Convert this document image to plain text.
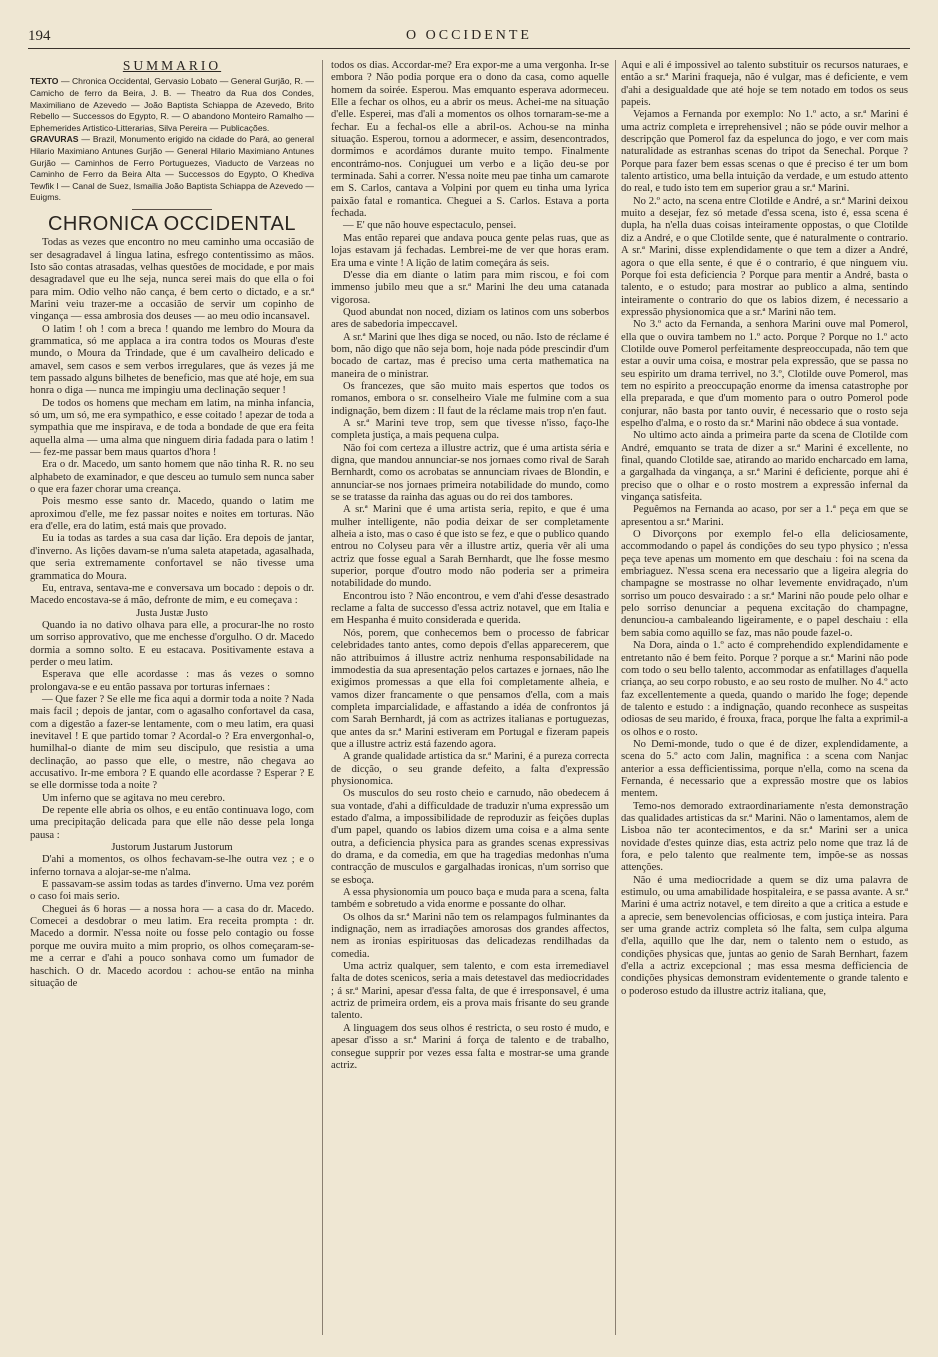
194	O OCCIDENTE
SUMMARIO

TEXTO — Chronica Occidental, Gervasio Lobato — General Gurjão, R. — Camicho de ferro da Beira, J. B. — Theatro da Rua dos Condes, Maximiliano de Azevedo — João Baptista Schiappa de Azevedo, Brito Rebello — Successos do Egypto, R. — O abandono Monteiro Ramalho — Ephemerides Artistico-Litterarias, Silva Pereira — Publicações.

GRAVURAS — Brazil, Monumento erigido na cidade do Pará, ao general Hilario Maximiano Antunes Gurjão — General Hilario Maximiano Antunes Gurjão — Caminhos de Ferro Portuguezes, Viaducto de Varzeas no Caminho de Ferro da Beira Alta — Successos do Egypto, O Khediva Tewfik I — Canal de Suez, Ismailia João Baptista Schiappa de Azevedo — Euigms.

CHRONICA OCCIDENTAL

Todas as vezes que encontro no meu caminho uma occasião de ser desagradavel á lingua latina, esfrego contentissimo as mãos. Isto são contas atrasadas, velhas questões de mocidade, e por mais desagradavel que eu lhe seja, nunca serei mais do que ella o foi para mim. Odio velho não cança, é bem certo o dictado, e a sr.ª Marini veiu trazer-me a occasião de servir um copinho de vingança — essa ambrosia dos deuses — ao meu odio incansavel.

O latim ! oh ! com a breca ! quando me lembro do Moura da grammatica, só me applaca a ira contra todos os Mouras d'este mundo, o Moura da Trindade, que é um cavalheiro delicado e amavel, sem casos e sem verbos irregulares, que ás vezes já me tem passado alguns bilhetes de beneficio, mas que até hoje, em sua honra o diga — nunca me impingiu uma declinação sequer !

De todos os homens que mecham em latim, na minha infancia, só um, um só, me era sympathico, e esse coitado ! apezar de toda a sympathia que me inspirava, e de toda a bondade de que era feita aquella alma — uma alma que ninguem diria fadada para o latim ! — fez-me passar bem maus quartos d'hora !

Era o dr. Macedo, um santo homem que não tinha R. R. no seu alphabeto de examinador, e que desceu ao tumulo sem nunca saber o que era fazer chorar uma creança.

Pois mesmo esse santo dr. Macedo, quando o latim me aproximou d'elle, me fez passar noites e noites em torturas. Não era d'elle, era do latim, está mais que provado.

Eu ia todas as tardes a sua casa dar lição. Era depois de jantar, d'inverno. As lições davam-se n'uma saleta atapetada, agasalhada, que seria extremamente confortavel se não tivesse uma grammatica do Moura.

Eu, entrava, sentava-me e conversava um bocado : depois o dr. Macedo encostava-se á mão, defronte de mim, e eu começava :

Justa Justæ Justo

Quando ia no dativo olhava para elle, a procurar-lhe no rosto um sorriso approvativo, que me enchesse d'orgulho. O dr. Macedo dormia a somno solto. E eu estacava. Positivamente estava a perder o meu latim.

Esperava que elle acordasse : mas ás vezes o somno prolongava-se e eu então passava por torturas infernaes :

— Que fazer ? Se elle me fica aqui a dormir toda a noite ? Nada mais facil ; depois de jantar, com o agasalho confortavel da casa, com a digestão a fazer-se lentamente, com o meu latim, era quasi inevitavel ! E que partido tomar ? Acordal-o ? Era envergonhal-o, humilhal-o diante de mim seu discipulo, que resistia a uma declinação, ao passo que elle, o mestre, não chegava ao accusativo. Ir-me embora ? E quando elle acordasse ? Esperar ? E se elle dormisse toda a noite ?

Um inferno que se agitava no meu cerebro.

De repente elle abria os olhos, e eu então continuava logo, com uma precipitação delicada para que elle não desse pela longa pausa :

Justorum Justarum Justorum

D'ahi a momentos, os olhos fechavam-se-lhe outra vez ; e o inferno tornava a alojar-se-me n'alma.

E passavam-se assim todas as tardes d'inverno. Uma vez porém o caso foi mais serio.

Cheguei ás 6 horas — a nossa hora — a casa do dr. Macedo. Comecei a desdobrar o meu latim. Era receita prompta : dr. Macedo a dormir. N'essa noite ou fosse pelo contagio ou fosse porque me ouvira muito a mim proprio, os olhos começaram-se-me a cerrar e d'ahi a pouco sonhava como um fumador de haschich. O dr. Macedo acordou : achou-se então na minha situação de

todos os dias. Accordar-me? Era expor-me a uma vergonha. Ir-se embora ? Não podia porque era o dono da casa, como aquelle homem da soirée. Esperou. Mas emquanto esperava adormeceu. Elle a fechar os olhos, eu a abrir os meus. Achei-me na situação d'elle. Esperei, mas d'ali a momentos os olhos tornaram-se-me a fechar. Eu a fechal-os elle a abril-os. Achou-se na minha situação. Esperou, tornou a adormecer, e assim, desencontrados, dormimos e acordámos durante muito tempo. Finalmente encontrámo-nos. Conjuguei um verbo e a lição deu-se por terminada. Sahi a correr. N'essa noite meu pae tinha um camarote em S. Carlos, cantava a Volpini por quem eu tinha uma lyrica paixão fatal e romantica. Cheguei a S. Carlos. Estava a porta fechada.

— E' que não houve espectaculo, pensei.

Mas então reparei que andava pouca gente pelas ruas, que as lojas estavam já fechadas. Lembrei-me de ver que horas eram. Era uma e vinte ! A lição de latim começára ás seis.

D'esse dia em diante o latim para mim riscou, e foi com immenso jubilo meu que a sr.ª Marini lhe deu uma catanada vigorosa.

Quod abundat non noced, diziam os latinos com uns soberbos ares de sabedoria impeccavel.

A sr.ª Marini que lhes diga se noced, ou não. Isto de réclame é bom, não digo que não seja bom, hoje nada póde prescindir d'um bocado de cartaz, mas é preciso uma certa mathematica na maneira de o ministrar.

Os francezes, que são muito mais espertos que todos os romanos, embora o sr. conselheiro Viale me fulmine com a sua indignação, bem dizem : Il faut de la réclame mais trop n'en faut.

A sr.ª Marini teve trop, sem que tivesse n'isso, faço-lhe completa justiça, a mais pequena culpa.

Não foi com certeza a illustre actriz, que é uma artista séria e digna, que mandou annunciar-se nos jornaes como rival de Sarah Bernhardt, como os acrobatas se annunciam rivaes de Blondin, e annunciar-se nos jornaes primeira notabilidade do mundo, como se se tratasse da rainha das aguas ou do rei dos tambores.

A sr.ª Marini que é uma artista seria, repito, e que é uma mulher intelligente, não podia deixar de ser completamente alheia a isto, mas o caso é que isto se fez, e que o publico quando entrou no Colyseu para vêr a illustre artiz, queria vêr ali uma actriz que fosse egual a Sarah Bernhardt, que lhe fosse mesmo superior, porque d'outro modo não poderia ser a primeira notabilidade do mundo.

Encontrou isto ? Não encontrou, e vem d'ahi d'esse desastrado reclame a falta de successo d'essa actriz notavel, que em Italia e em Hespanha é muito considerada e querida.

Nós, porem, que conhecemos bem o processo de fabricar celebridades tanto antes, como depois d'ellas apparecerem, que não attribuimos á illustre actriz nenhuma responsabilidade na immodestia da sua apresentação pelos cartazes e jornaes, não lhe exigimos promessas a que ella foi completamente alheia, e vamos dizer francamente o que pensamos d'ella, com a mais completa imparcialidade, e affastando a idéa de confrontos já com Sarah Bernhardt, já com as actrizes italianas e portuguezas, que antes da sr.ª Marini estiveram em Portugal e fizeram papeis que a illustre actriz está fazendo agora.

A grande qualidade artistica da sr.ª Marini, é a pureza correcta de dicção, o seu grande defeito, a falta d'expressão physionomica.

Os musculos do seu rosto cheio e carnudo, não obedecem á sua vontade, d'ahi a difficuldade de traduzir n'uma expressão um estado d'alma, a impossibilidade de reproduzir as feições duplas d'um papel, quando os labios dizem uma coisa e a alma sente outra, a deficiencia physica para as grandes scenas expressivas do drama, e da comedia, em que ha tragedias medonhas n'uma contracção de musculos e gargalhadas ironicas, n'um sorriso que se esboça.

A essa physionomia um pouco baça e muda para a scena, falta também e sobretudo a vida enorme e possante do olhar.

Os olhos da sr.ª Marini não tem os relampagos fulminantes da indignação, nem as irradiações amorosas dos grandes affectos, nem as ironias espirituosas das delicadezas rendilhadas da comedia.

Uma actriz qualquer, sem talento, e com esta irremediavel falta de dotes scenicos, seria a mais detestavel das mediocridades ; á sr.ª Marini, apesar d'essa falta, de que é irresponsavel, é uma actriz de primeira ordem, eis a prova mais frisante do seu grande talento.

A linguagem dos seus olhos é restricta, o seu rosto é mudo, e apesar d'isso a sr.ª Marini á força de talento e de trabalho, consegue supprir por vezes essa falta e mostrar-se uma grande actriz.

Aqui e ali é impossivel ao talento substituir os recursos naturaes, e então a sr.ª Marini fraqueja, não é vulgar, mas é deficiente, e vem d'ahi a desigualdade que até hoje se tem notado em todos os seus papeis.

Vejamos a Fernanda por exemplo: No 1.º acto, a sr.ª Marini é uma actriz completa e irreprehensivel ; não se póde ouvir melhor a descripção que Pomerol faz da espelunca do jogo, e ver com mais naturalidade as estranhas scenas do tripot da Senechal. Porque ? Porque para fazer bem essas scenas o que é preciso é ter um bom talento artistico, uma bella intuição da verdade, e um estudo attento do real, e tudo isto tem em superior grau a sr.ª Marini.

No 2.º acto, na scena entre Clotilde e André, a sr.ª Marini deixou muito a desejar, fez só metade d'essa scena, isto é, essa scena é dupla, ha n'ella duas coisas inteiramente oppostas, o que Clotilde diz a André, e o que Clotilde sente, que é naturalmente o contrario. A sr.ª Marini, disse explendidamente o que tem a dizer a André, agora o que ella sente, é que é o contrario, é que ninguem viu. Porque foi esta deficiencia ? Porque para mentir a André, basta o talento, e o estudo; para mostrar ao publico a alma, sentindo inteiramente o contrario do que os labios dizem, é necessario a expressão physionomica que a sr.ª Marini não tem.

No 3.º acto da Fernanda, a senhora Marini ouve mal Pomerol, ella que o ouvira tambem no 1.º acto. Porque ? Porque no 1.º acto Clotilde ouve Pomerol perfeitamente despreoccupada, não tem que estar a ouvir uma coisa, e mostrar pela expressão, que se passa no seu espirito um drama terrivel, no 3.º, Clotilde ouve Pomerol, mas tem no espirito a preoccupação enorme da imensa catastrophe por ella preparada, e que d'um momento para o outro Pomerol pode conjurar, não basta por tanto ouvir, é necessario que o rosto seja espelho d'alma, e o rosto da sr.ª Marini não obdece á sua vontade.

No ultimo acto ainda a primeira parte da scena de Clotilde com André, emquanto se trata de dizer a sr.ª Marini é excellente, no final, quando Clotilde sae, atirando ao marido encharcado em lama, a gargalhada da vingança, a sr.ª Marini é deficiente, porque ahi é preciso que o olhar e o rosto mostrem a expressão infernal da vingança satisfeita.

Peguêmos na Fernanda ao acaso, por ser a 1.ª peça em que se apresentou a sr.ª Marini.

O Divorçons por exemplo fel-o ella deliciosamente, accommodando o papel ás condições do seu typo physico ; n'essa peça teve apenas um momento em que deschaiu : foi na scena da embriaguez. N'essa scena era necessario que a ligeira alegria do champagne se mostrasse no olhar levemente envidraçado, n'um sorriso um pouco desvairado : a sr.ª Marini não poude pelo olhar e pelo sorriso denunciar a pequena excitação do champagne, denunciou-a cambaleando ligeiramente, e o papel deschaiu : ella bem sabia como aquillo se faz, mas não poude fazel-o.

Na Dora, ainda o 1.º acto é comprehendido explendidamente e entretanto não é bem feito. Porque ? porque a sr.ª Marini não pode com todo o seu bello talento, accommodar as enfatillages d'aquella criança, ao seu corpo robusto, e ao seu rosto de mulher. No 4.º acto faz excellentemente a queda, quando o marido lhe foge; depende de talento e estudo : a indignação, quando reconhece as suspeitas odiosas de seu marido, é frouxa, fraca, porque lhe falta a exprimil-a os olhos e o rosto.

No Demi-monde, tudo o que é de dizer, explendidamente, a scena do 5.º acto com Jalin, magnifica : a scena com Nanjac anterior a essa defficientissima, porque n'ella, como na scena da Fernanda, é necessario que a expressão mostre que os labios mentem.

Temo-nos demorado extraordinariamente n'esta demonstração das qualidades artisticas da sr.ª Marini. Não o lamentamos, alem de Lisboa não ter acontecimentos, e da sr.ª Marini ser a unica novidade d'estes quinze dias, esta actriz pelo nome que traz lá de fora, e pelo talento que realmente tem, impõe-se as nossas attenções.

Não é uma mediocridade a quem se diz uma palavra de estimulo, ou uma amabilidade hospitaleira, e se passa avante. A sr.ª Marini é uma actriz notavel, e tem direito a que a critica a estude e a aprecie, sem benevolencias officiosas, e com justiça inteira. Para ser uma grande actriz completa só lhe falta, sem culpa alguma d'ella, aquillo que lhe dar, nem o talento nem o estudo, as condições physicas que, juntas ao genio de Sarah Bernhart, fazem d'ella a actriz excepcional ; mas essa mesma defficiencia de condições physicas demonstram evidentemente o grande talento e o poderoso estudo da illustre actriz italiana, que,
